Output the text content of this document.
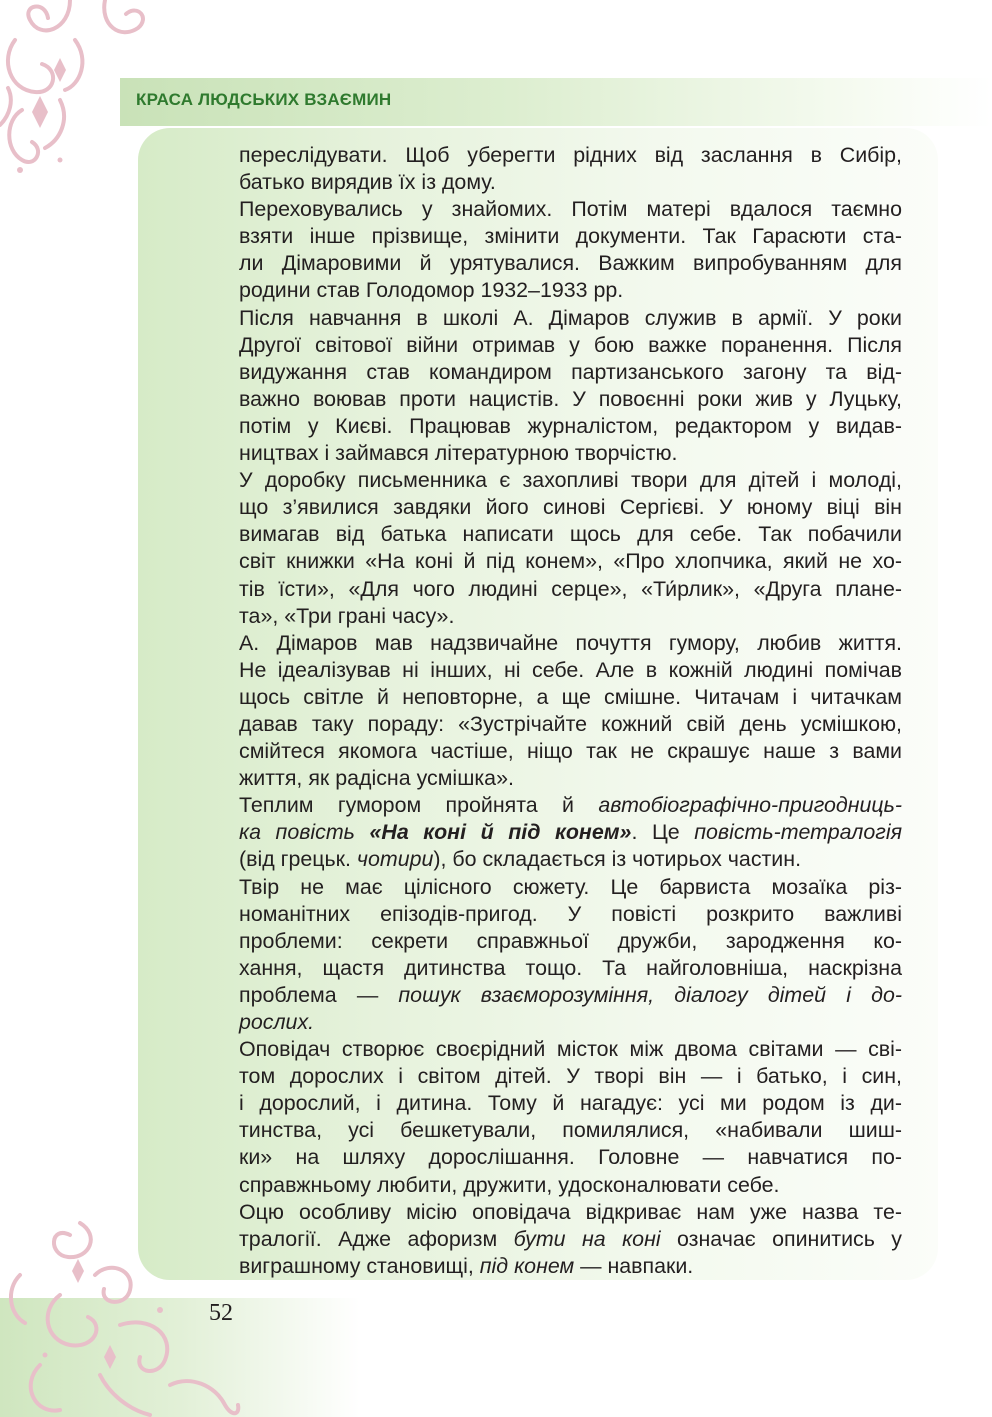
КРАСА ЛЮДСЬКИХ ВЗАЄМИН
52
переслідувати. Щоб уберегти рідних від заслання в Сибір,
батько вирядив їх із дому.
Переховувались у знайомих. Потім матері вдалося таємно
взяти інше прізвище, змінити документи. Так Гарасюти ста-
ли Дімаровими й урятувалися. Важким випробуванням для
родини став Голодомор 1932–1933 рр.
Після навчання в школі А. Дімаров служив в армії. У роки
Другої світової війни отримав у бою важке поранення. Після
видужання став командиром партизанського загону та від-
важно воював проти нацистів. У повоєнні роки жив у Луцьку,
потім у Києві. Працював журналістом, редактором у видав-
ництвах і займався літературною творчістю.
У доробку письменника є захопливі твори для дітей і молоді,
що з’явилися завдяки його синові Сергієві. У юному віці він
вимагав від батька написати щось для себе. Так побачили
світ книжки «На коні й під конем», «Про хлопчика, який не хо-
тів їсти», «Для чого людині серце», «Ти́рлик», «Друга плане-
та», «Три грані часу».
А. Дімаров мав надзвичайне почуття гумору, любив життя.
Не ідеалізував ні інших, ні себе. Але в кожній людині помічав
щось світле й неповторне, а ще смішне. Читачам і читачкам
давав таку пораду: «Зустрічайте кожний свій день усмішкою,
смійтеся якомога частіше, ніщо так не скрашує наше з вами
життя, як радісна усмішка».
Теплим гумором пройнята й автобіографічно-пригодниць-
ка повість «На коні й під конем». Це повість-тетралогія
(від грецьк. чотири), бо складається із чотирьох частин.
Твір не має цілісного сюжету. Це барвиста мозаїка різ-
номанітних епізодів-пригод. У повісті розкрито важливі
проблеми: секрети справжньої дружби, зародження ко-
хання, щастя дитинства тощо. Та найголовніша, наскрізна
проблема — пошук взаєморозуміння, діалогу дітей і до-
рослих.
Оповідач створює своєрідний місток між двома світами — сві-
том дорослих і світом дітей. У творі він — і батько, і син,
і дорослий, і дитина. Тому й нагадує: усі ми родом із ди-
тинства, усі бешкетували, помилялися, «набивали шиш-
ки» на шляху дорослішання. Головне — навчатися по-
справжньому любити, дружити, удосконалювати себе.
Оцю особливу місію оповідача відкриває нам уже назва те-
тралогії. Адже афоризм бути на коні означає опинитись у
виграшному становищі, під конем — навпаки.
